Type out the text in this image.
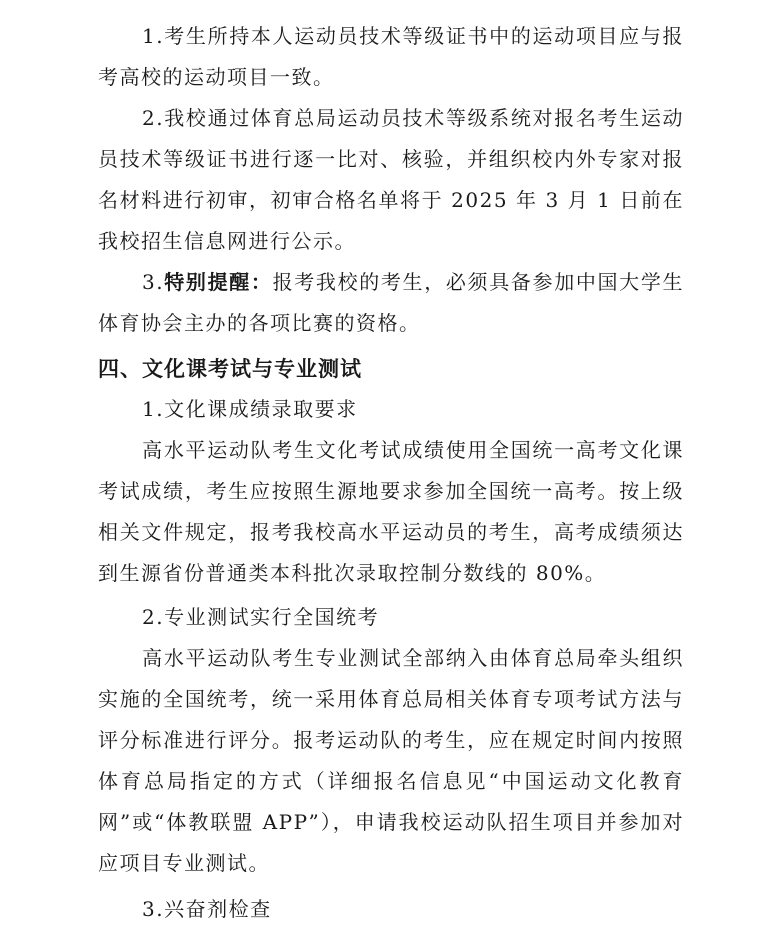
1.考生所持本人运动员技术等级证书中的运动项目应与报考高校的运动项目一致。

2.我校通过体育总局运动员技术等级系统对报名考生运动员技术等级证书进行逐一比对、核验，并组织校内外专家对报名材料进行初审，初审合格名单将于 2025 年 3 月 1 日前在我校招生信息网进行公示。

3.特别提醒：报考我校的考生，必须具备参加中国大学生体育协会主办的各项比赛的资格。

四、文化课考试与专业测试

1.文化课成绩录取要求

高水平运动队考生文化考试成绩使用全国统一高考文化课考试成绩，考生应按照生源地要求参加全国统一高考。按上级相关文件规定，报考我校高水平运动员的考生，高考成绩须达到生源省份普通类本科批次录取控制分数线的 80%。

2.专业测试实行全国统考

高水平运动队考生专业测试全部纳入由体育总局牵头组织实施的全国统考，统一采用体育总局相关体育专项考试方法与评分标准进行评分。报考运动队的考生，应在规定时间内按照体育总局指定的方式（详细报名信息见“中国运动文化教育网”或“体教联盟 APP”），申请我校运动队招生项目并参加对应项目专业测试。

3.兴奋剂检查
